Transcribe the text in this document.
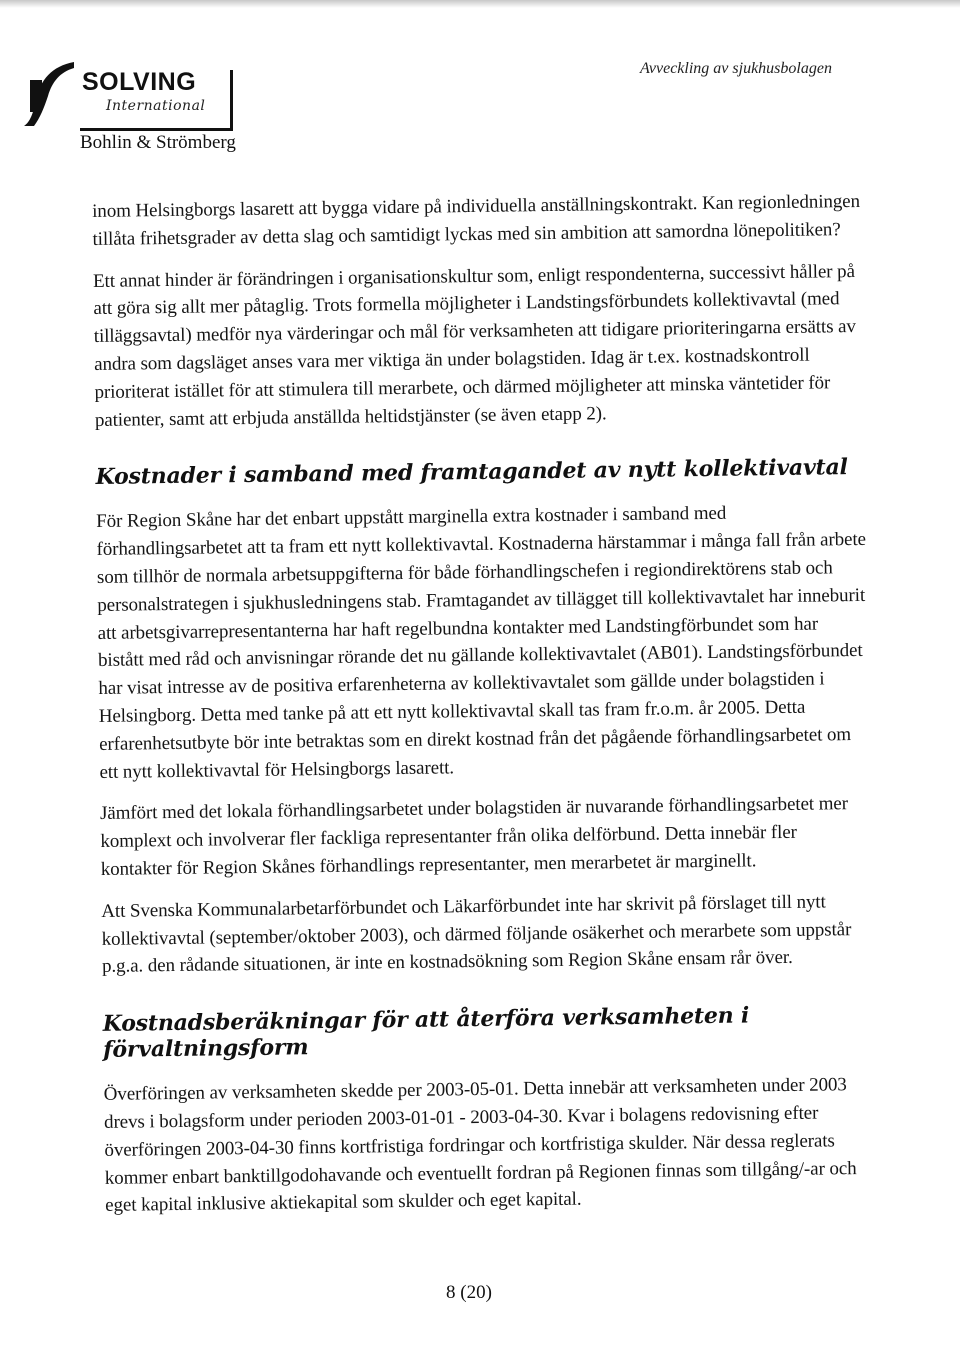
SOLVING
International
Bohlin & Strömberg
Avveckling av sjukhusbolagen

inom Helsingborgs lasarett att bygga vidare på individuella anställningskontrakt. Kan regionledningen tillåta frihetsgrader av detta slag och samtidigt lyckas med sin ambition att samordna lönepolitiken?

Ett annat hinder är förändringen i organisationskultur som, enligt respondenterna, successivt håller på att göra sig allt mer påtaglig. Trots formella möjligheter i Landstingsförbundets kollektivavtal (med tilläggsavtal) medför nya värderingar och mål för verksamheten att tidigare prioriteringarna ersätts av andra som dagsläget anses vara mer viktiga än under bolagstiden. Idag är t.ex. kostnadskontroll prioriterat istället för att stimulera till merarbete, och därmed möjligheter att minska väntetider för patienter, samt att erbjuda anställda heltidstjänster (se även etapp 2).

Kostnader i samband med framtagandet av nytt kollektivavtal

För Region Skåne har det enbart uppstått marginella extra kostnader i samband med förhandlingsarbetet att ta fram ett nytt kollektivavtal. Kostnaderna härstammar i många fall från arbete som tillhör de normala arbetsuppgifterna för både förhandlingschefen i regiondirektörens stab och personalstrategen i sjukhusledningens stab. Framtagandet av tillägget till kollektivavtalet har inneburit att arbetsgivarrepresentanterna har haft regelbundna kontakter med Landstingförbundet som har bistått med råd och anvisningar rörande det nu gällande kollektivavtalet (AB01). Landstingsförbundet har visat intresse av de positiva erfarenheterna av kollektivavtalet som gällde under bolagstiden i Helsingborg. Detta med tanke på att ett nytt kollektivavtal skall tas fram fr.o.m. år 2005. Detta erfarenhetsutbyte bör inte betraktas som en direkt kostnad från det pågående förhandlingsarbetet om ett nytt kollektivavtal för Helsingborgs lasarett.

Jämfört med det lokala förhandlingsarbetet under bolagstiden är nuvarande förhandlingsarbetet mer komplext och involverar fler fackliga representanter från olika delförbund. Detta innebär fler kontakter för Region Skånes förhandlings representanter, men merarbetet är marginellt.

Att Svenska Kommunalarbetarförbundet och Läkarförbundet inte har skrivit på förslaget till nytt kollektivavtal (september/oktober 2003), och därmed följande osäkerhet och merarbete som uppstår p.g.a. den rådande situationen, är inte en kostnadsökning som Region Skåne ensam rår över.

Kostnadsberäkningar för att återföra verksamheten i förvaltningsform

Överföringen av verksamheten skedde per 2003-05-01. Detta innebär att verksamheten under 2003 drevs i bolagsform under perioden 2003-01-01 - 2003-04-30. Kvar i bolagens redovisning efter överföringen 2003-04-30 finns kortfristiga fordringar och kortfristiga skulder. När dessa reglerats kommer enbart banktillgodohavande och eventuellt fordran på Regionen finnas som tillgång/-ar och eget kapital inklusive aktiekapital som skulder och eget kapital.

8 (20)
